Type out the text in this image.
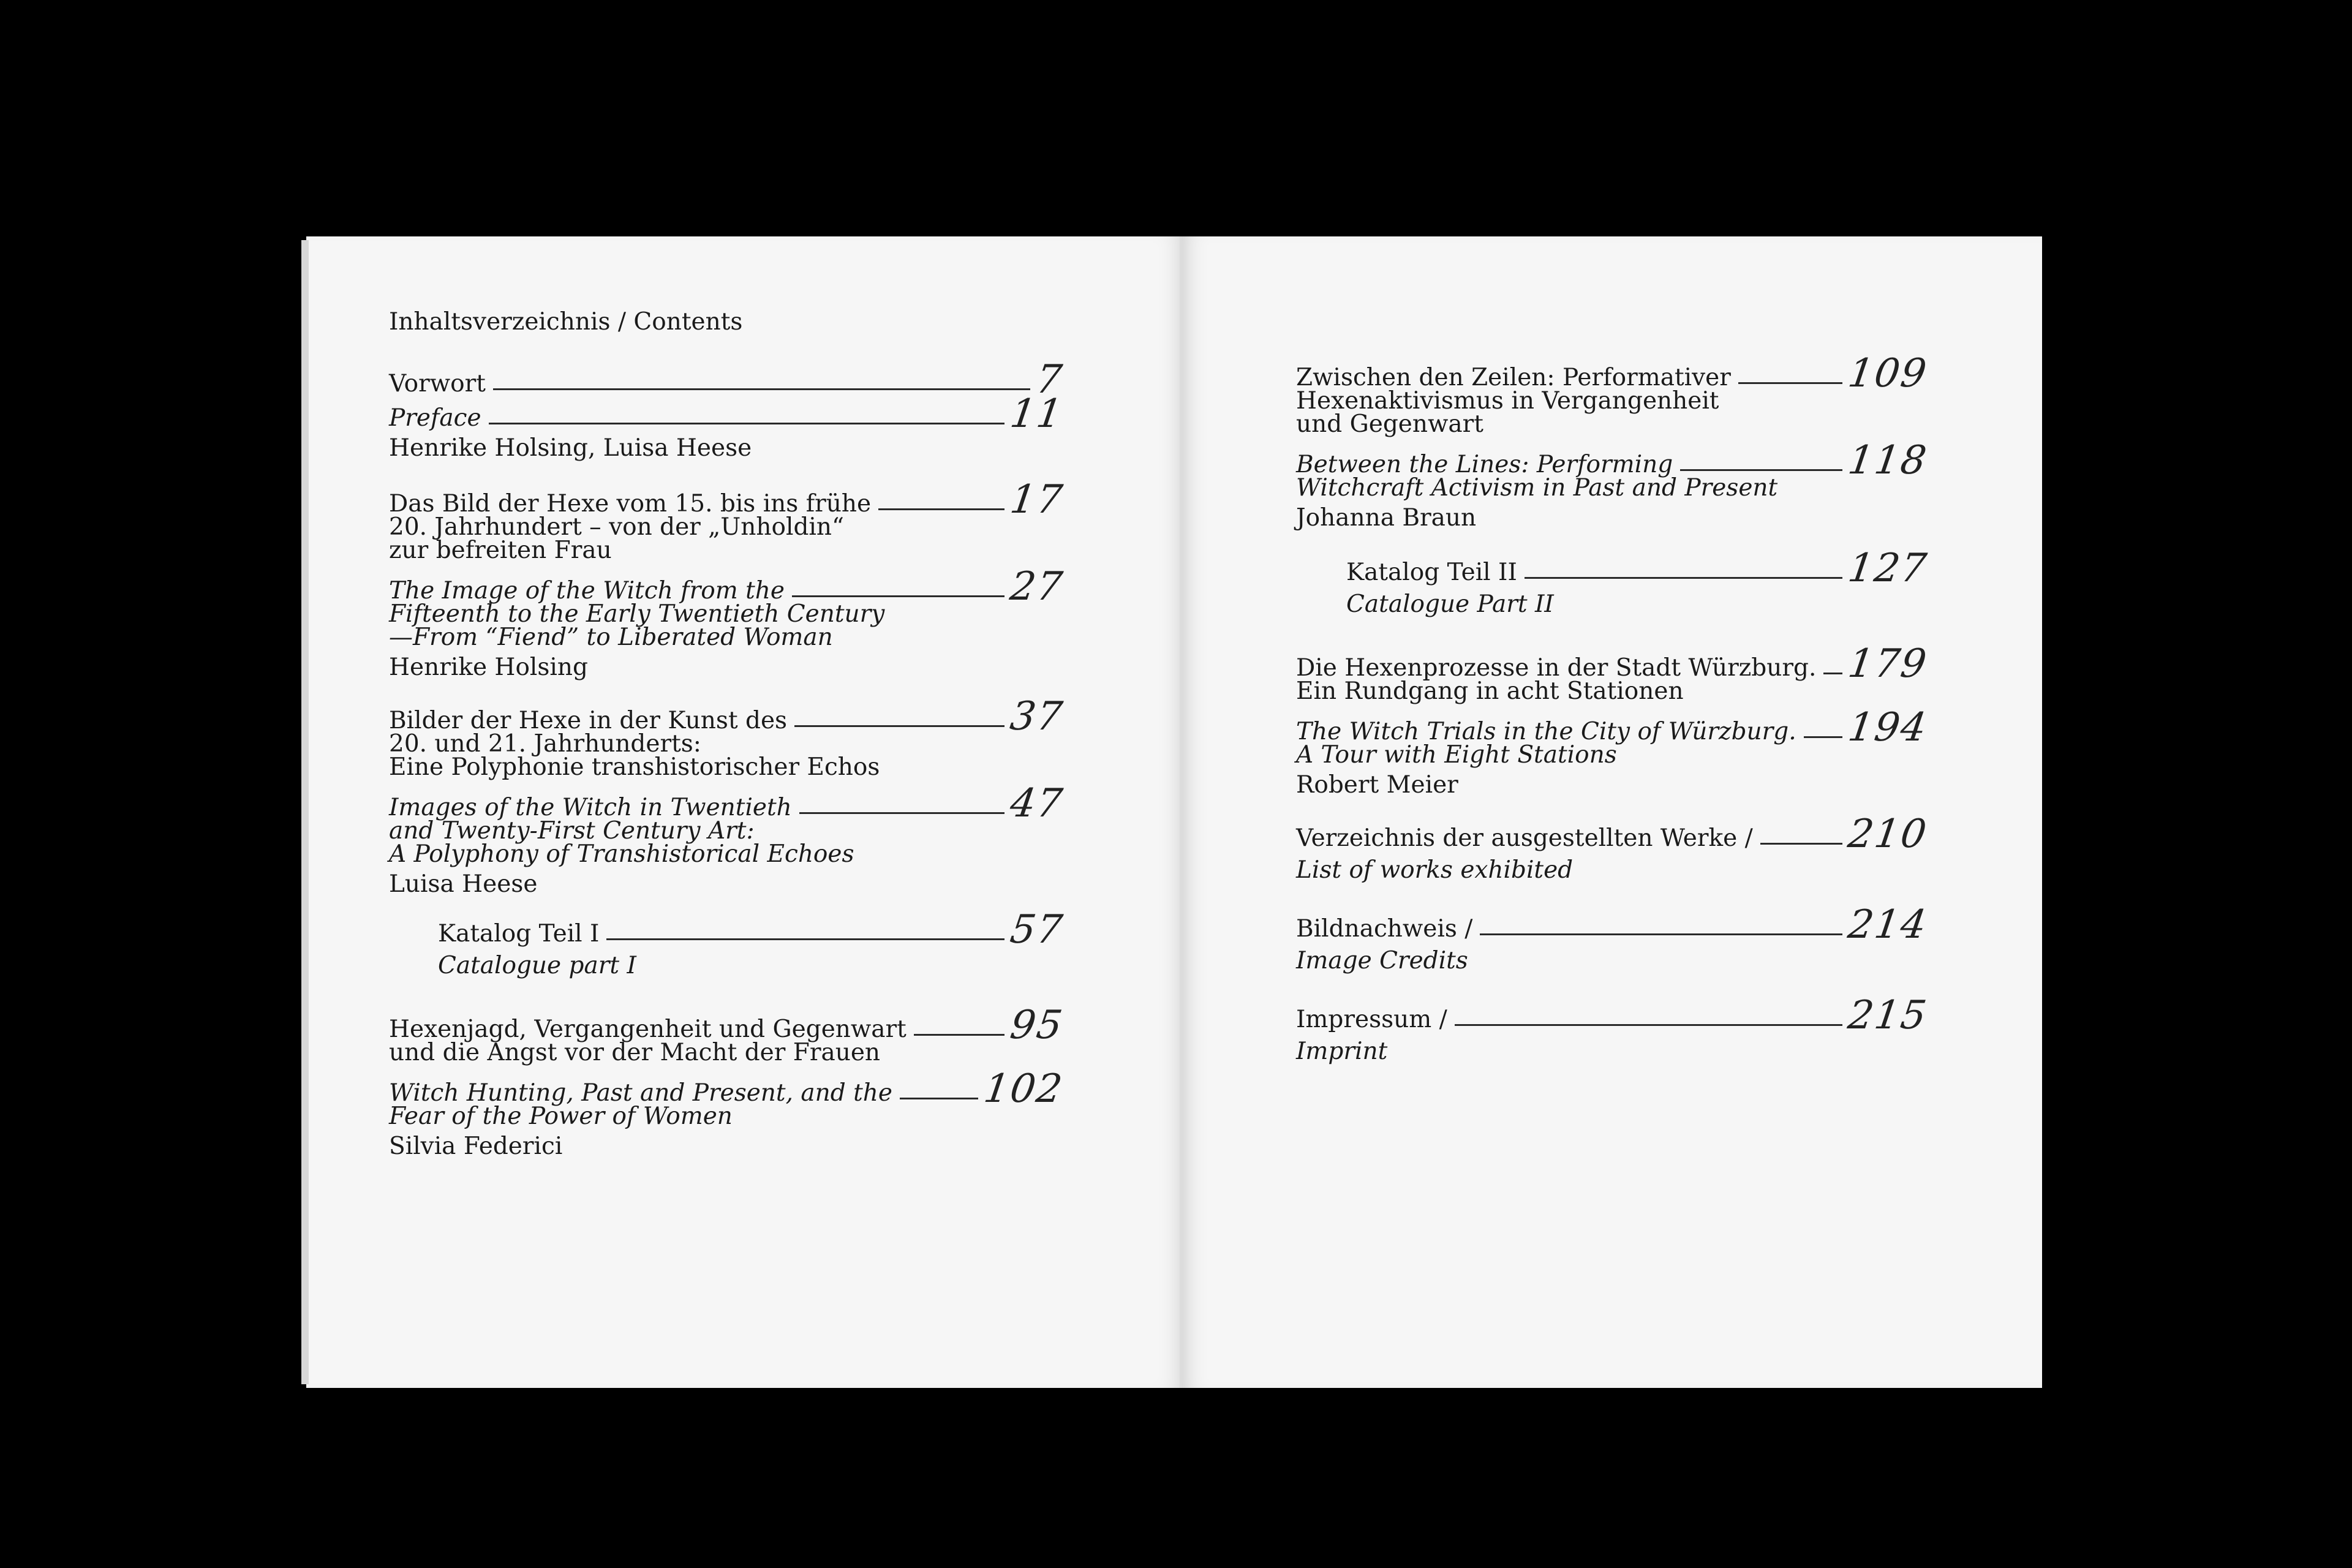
Inhaltsverzeichnis / Contents
Vorwort	7
Preface	11
Henrike Holsing, Luisa Heese
Das Bild der Hexe vom 15. bis ins frühe	17
20. Jahrhundert – von der „Unholdin“
zur befreiten Frau
The Image of the Witch from the	27
Fifteenth to the Early Twentieth Century
—From “Fiend” to Liberated Woman
Henrike Holsing
Bilder der Hexe in der Kunst des	37
20. und 21. Jahrhunderts:
Eine Polyphonie transhistorischer Echos
Images of the Witch in Twentieth	47
and Twenty-First Century Art:
A Polyphony of Transhistorical Echoes
Luisa Heese
Katalog Teil I	57
Catalogue part I
Hexenjagd, Vergangenheit und Gegenwart	95
und die Angst vor der Macht der Frauen
Witch Hunting, Past and Present, and the 102
Fear of the Power of Women
Silvia Federici
Zwischen den Zeilen: Performativer	109
Hexenaktivismus in Vergangenheit
und Gegenwart
Between the Lines: Performing	118
Witchcraft Activism in Past and Present
Johanna Braun
Katalog Teil II	127
Catalogue Part II
Die Hexenprozesse in der Stadt Würzburg. 179
Ein Rundgang in acht Stationen
The Witch Trials in the City of Würzburg. 194
A Tour with Eight Stations
Robert Meier
Verzeichnis der ausgestellten Werke / 210
List of works exhibited
Bildnachweis /	214
Image Credits
Impressum /	215
Imprint
